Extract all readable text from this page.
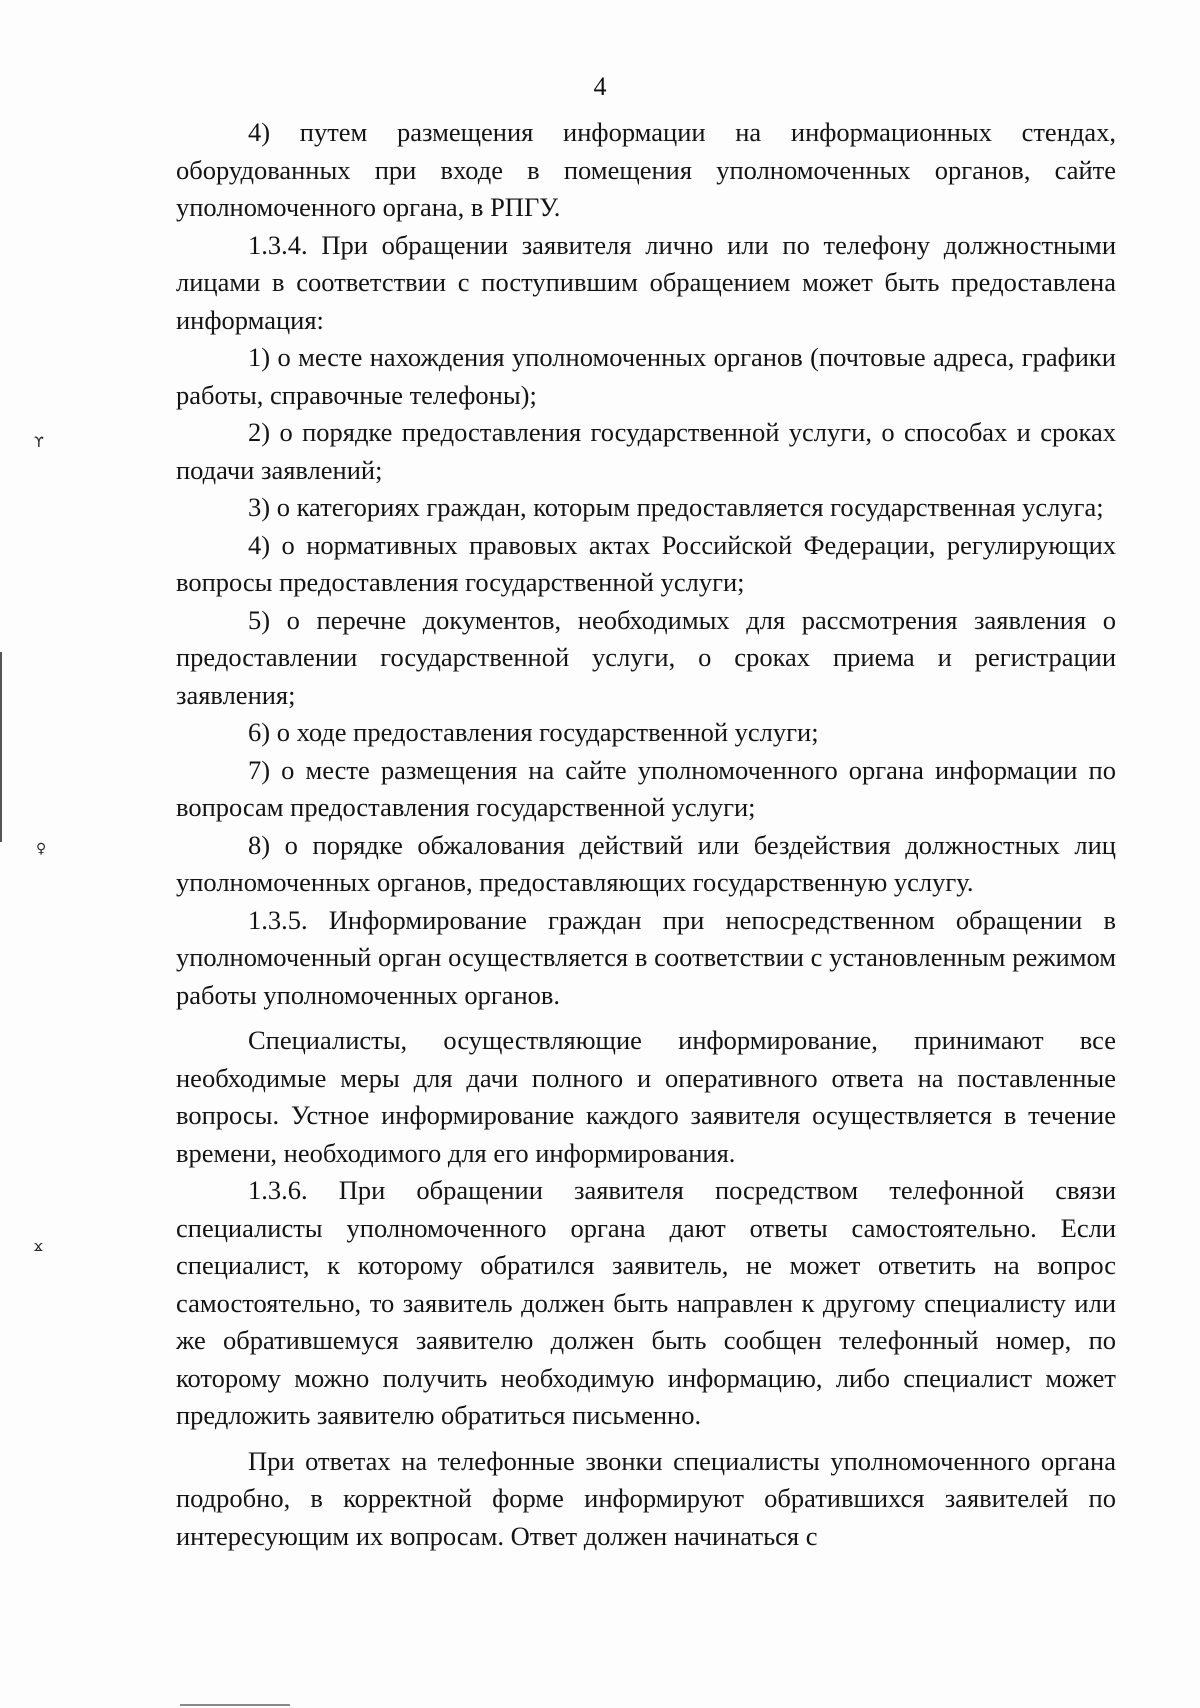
4

4) путем размещения информации на информационных стендах, оборудованных при входе в помещения уполномоченных органов, сайте уполномоченного органа, в РПГУ.

1.3.4. При обращении заявителя лично или по телефону должностными лицами в соответствии с поступившим обращением может быть предоставлена информация:

1) о месте нахождения уполномоченных органов (почтовые адреса, графики работы, справочные телефоны);

2) о порядке предоставления государственной услуги, о способах и сроках подачи заявлений;

3) о категориях граждан, которым предоставляется государственная услуга;

4) о нормативных правовых актах Российской Федерации, регулирующих вопросы предоставления государственной услуги;

5) о перечне документов, необходимых для рассмотрения заявления о предоставлении государственной услуги, о сроках приема и регистрации заявления;

6) о ходе предоставления государственной услуги;

7) о месте размещения на сайте уполномоченного органа информации по вопросам предоставления государственной услуги;

8) о порядке обжалования действий или бездействия должностных лиц уполномоченных органов, предоставляющих государственную услугу.

1.3.5. Информирование граждан при непосредственном обращении в уполномоченный орган осуществляется в соответствии с установленным режимом работы уполномоченных органов.

Специалисты, осуществляющие информирование, принимают все необходимые меры для дачи полного и оперативного ответа на поставленные вопросы. Устное информирование каждого заявителя осуществляется в течение времени, необходимого для его информирования.

1.3.6. При обращении заявителя посредством телефонной связи специалисты уполномоченного органа дают ответы самостоятельно. Если специалист, к которому обратился заявитель, не может ответить на вопрос самостоятельно, то заявитель должен быть направлен к другому специалисту или же обратившемуся заявителю должен быть сообщен телефонный номер, по которому можно получить необходимую информацию, либо специалист может предложить заявителю обратиться письменно.

При ответах на телефонные звонки специалисты уполномоченного органа подробно, в корректной форме информируют обратившихся заявителей по интересующим их вопросам. Ответ должен начинаться с

ϒ
♀
ϫ
